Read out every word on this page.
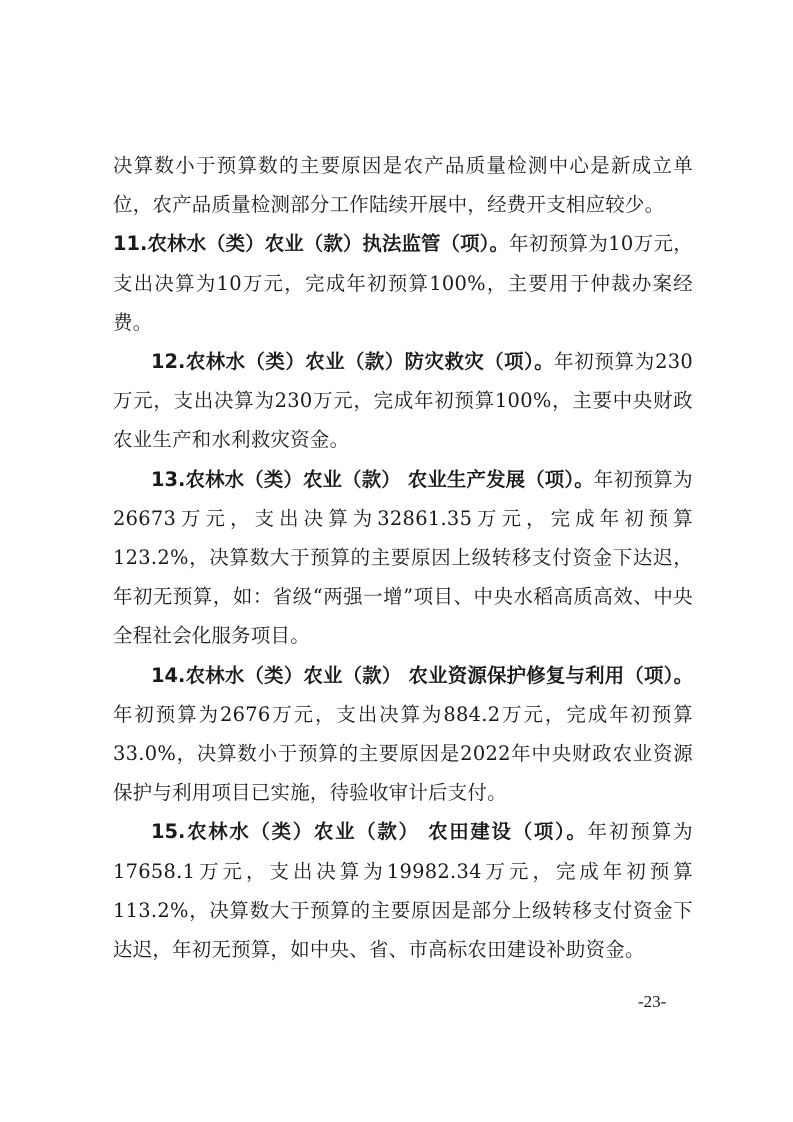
决算数小于预算数的主要原因是农产品质量检测中心是新成立单位，农产品质量检测部分工作陆续开展中，经费开支相应较少。

11.农林水（类）农业（款）执法监管（项）。年初预算为10万元，支出决算为10万元，完成年初预算100%，主要用于仲裁办案经费。

12.农林水（类）农业（款）防灾救灾（项）。年初预算为230万元，支出决算为230万元，完成年初预算100%，主要中央财政农业生产和水利救灾资金。

13.农林水（类）农业（款） 农业生产发展（项）。年初预算为26673万元，支出决算为32861.35万元，完成年初预算123.2%，决算数大于预算的主要原因上级转移支付资金下达迟，年初无预算，如：省级“两强一增”项目、中央水稻高质高效、中央全程社会化服务项目。

14.农林水（类）农业（款） 农业资源保护修复与利用（项）。年初预算为2676万元，支出决算为884.2万元，完成年初预算33.0%，决算数小于预算的主要原因是2022年中央财政农业资源保护与利用项目已实施，待验收审计后支付。

15.农林水（类）农业（款） 农田建设（项）。年初预算为17658.1万元，支出决算为19982.34万元，完成年初预算113.2%，决算数大于预算的主要原因是部分上级转移支付资金下达迟，年初无预算，如中央、省、市高标农田建设补助资金。

-23-
